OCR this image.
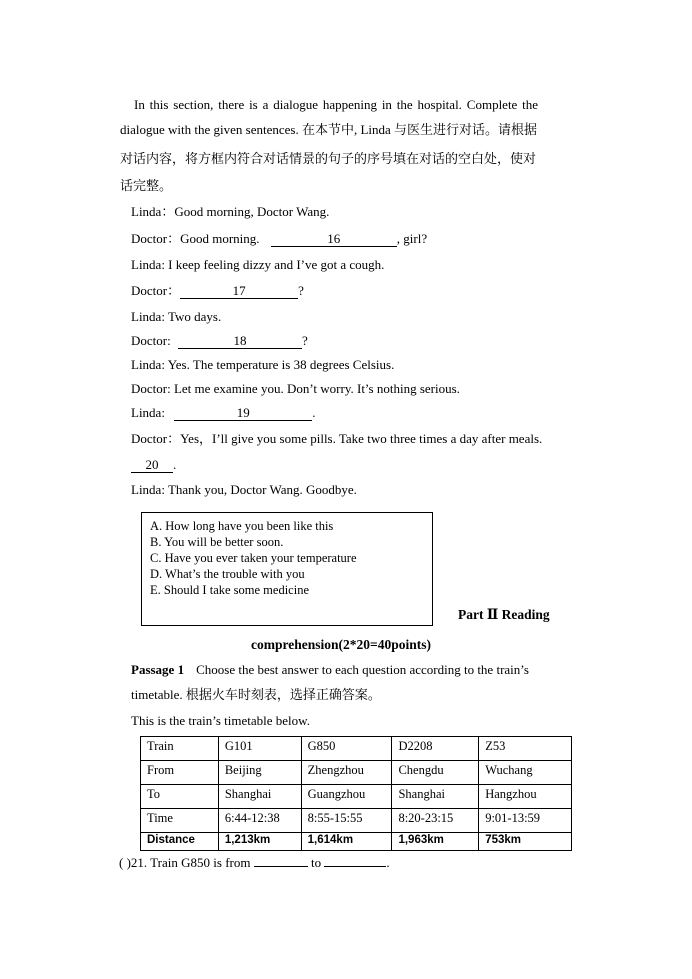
In this section, there is a dialogue happening in the hospital. Complete the
dialogue with the given sentences. 在本节中, Linda 与医生进行对话。请根据
对话内容，将方框内符合对话情景的句子的序号填在对话的空白处，使对
话完整。
Linda：Good morning, Doctor Wang.
Doctor：Good morning.	16	, girl?
Linda: I keep feeling dizzy and I’ve got a cough.
Doctor：	17	?
Linda: Two days.
Doctor:	18	?
Linda: Yes. The temperature is 38 degrees Celsius.
Doctor: Let me examine you. Don’t worry. It’s nothing serious.
Linda:	19	.
Doctor：Yes，I’ll give you some pills. Take two three times a day after meals.
20 .
Linda: Thank you, Doctor Wang. Goodbye.
A. How long have you been like this
B. You will be better soon.
C. Have you ever taken your temperature
D. What’s the trouble with you
E. Should I take some medicine
Part Ⅱ Reading
comprehension(2*20=40points)
Passage 1 Choose the best answer to each question according to the train’s
timetable. 根据火车时刻表，选择正确答案。
This is the train’s timetable below.
Train	G101	G850	D2208	Z53
From	Beijing	Zhengzhou	Chengdu	Wuchang
To	Shanghai	Guangzhou	Shanghai	Hangzhou
Time	6:44-12:38	8:55-15:55	8:20-23:15	9:01-13:59
Distance	1,213km	1,614km	1,963km	753km
( )21. Train G850 is from	to	.
